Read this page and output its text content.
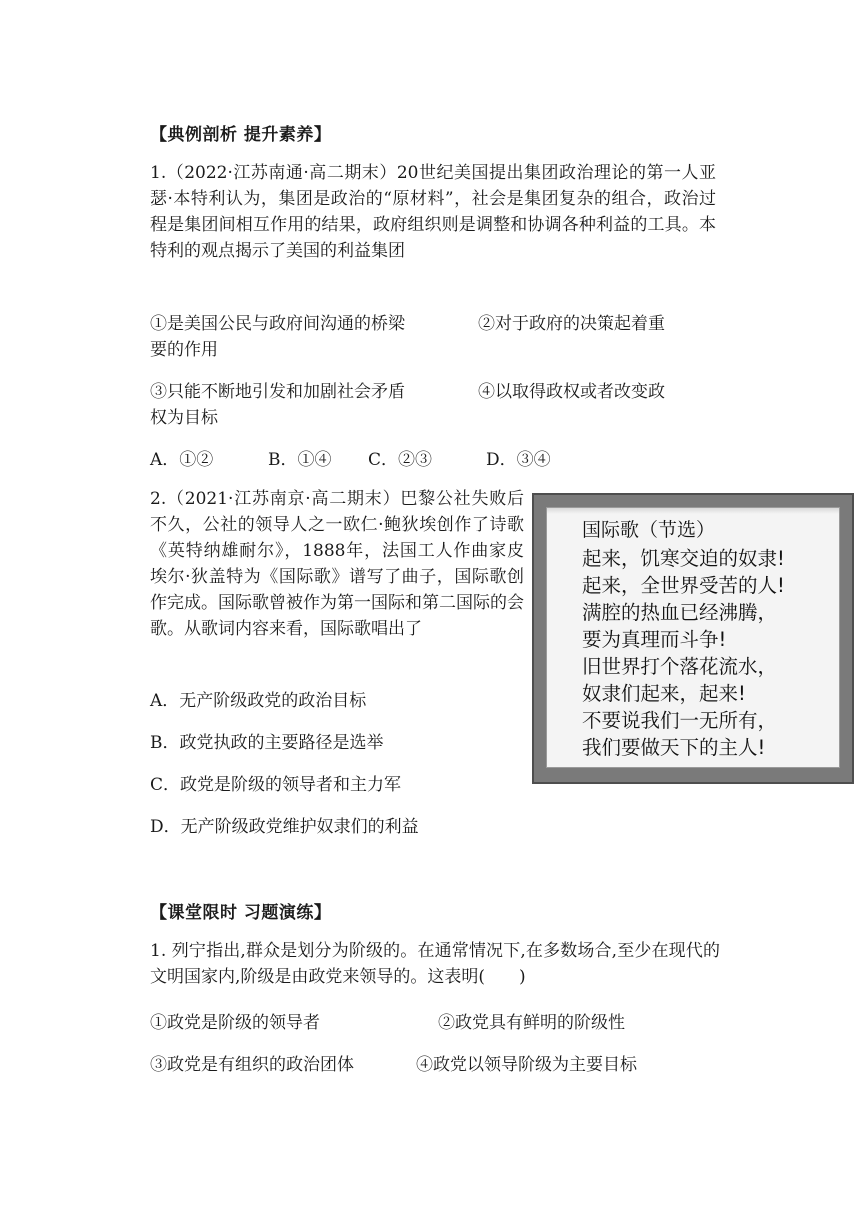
【典例剖析 提升素养】
1.（2022·江苏南通·高二期末）20世纪美国提出集团政治理论的第一人亚瑟·本特利认为，集团是政治的“原材料”，社会是集团复杂的组合，政治过程是集团间相互作用的结果，政府组织则是调整和协调各种利益的工具。本特利的观点揭示了美国的利益集团
①是美国公民与政府间沟通的桥梁	②对于政府的决策起着重
要的作用
③只能不断地引发和加剧社会矛盾	④以取得政权或者改变政
权为目标
A．①②	B．①④ C．②③	D．③④
2.（2021·江苏南京·高二期末）巴黎公社失败后不久，公社的领导人之一欧仁·鲍狄埃创作了诗歌《英特纳雄耐尔》，1888年，法国工人作曲家皮埃尔·狄盖特为《国际歌》谱写了曲子，国际歌创作完成。国际歌曾被作为第一国际和第二国际的会歌。从歌词内容来看，国际歌唱出了
国际歌（节选）
起来，饥寒交迫的奴隶!
起来，全世界受苦的人!
满腔的热血已经沸腾，
要为真理而斗争!
旧世界打个落花流水，
奴隶们起来，起来!
不要说我们一无所有，
我们要做天下的主人!
A．无产阶级政党的政治目标
B．政党执政的主要路径是选举
C．政党是阶级的领导者和主力军
D．无产阶级政党维护奴隶们的利益
【课堂限时 习题演练】
1. 列宁指出,群众是划分为阶级的。在通常情况下,在多数场合,至少在现代的文明国家内,阶级是由政党来领导的。这表明(　　)
①政党是阶级的领导者	②政党具有鲜明的阶级性
③政党是有组织的政治团体	④政党以领导阶级为主要目标
